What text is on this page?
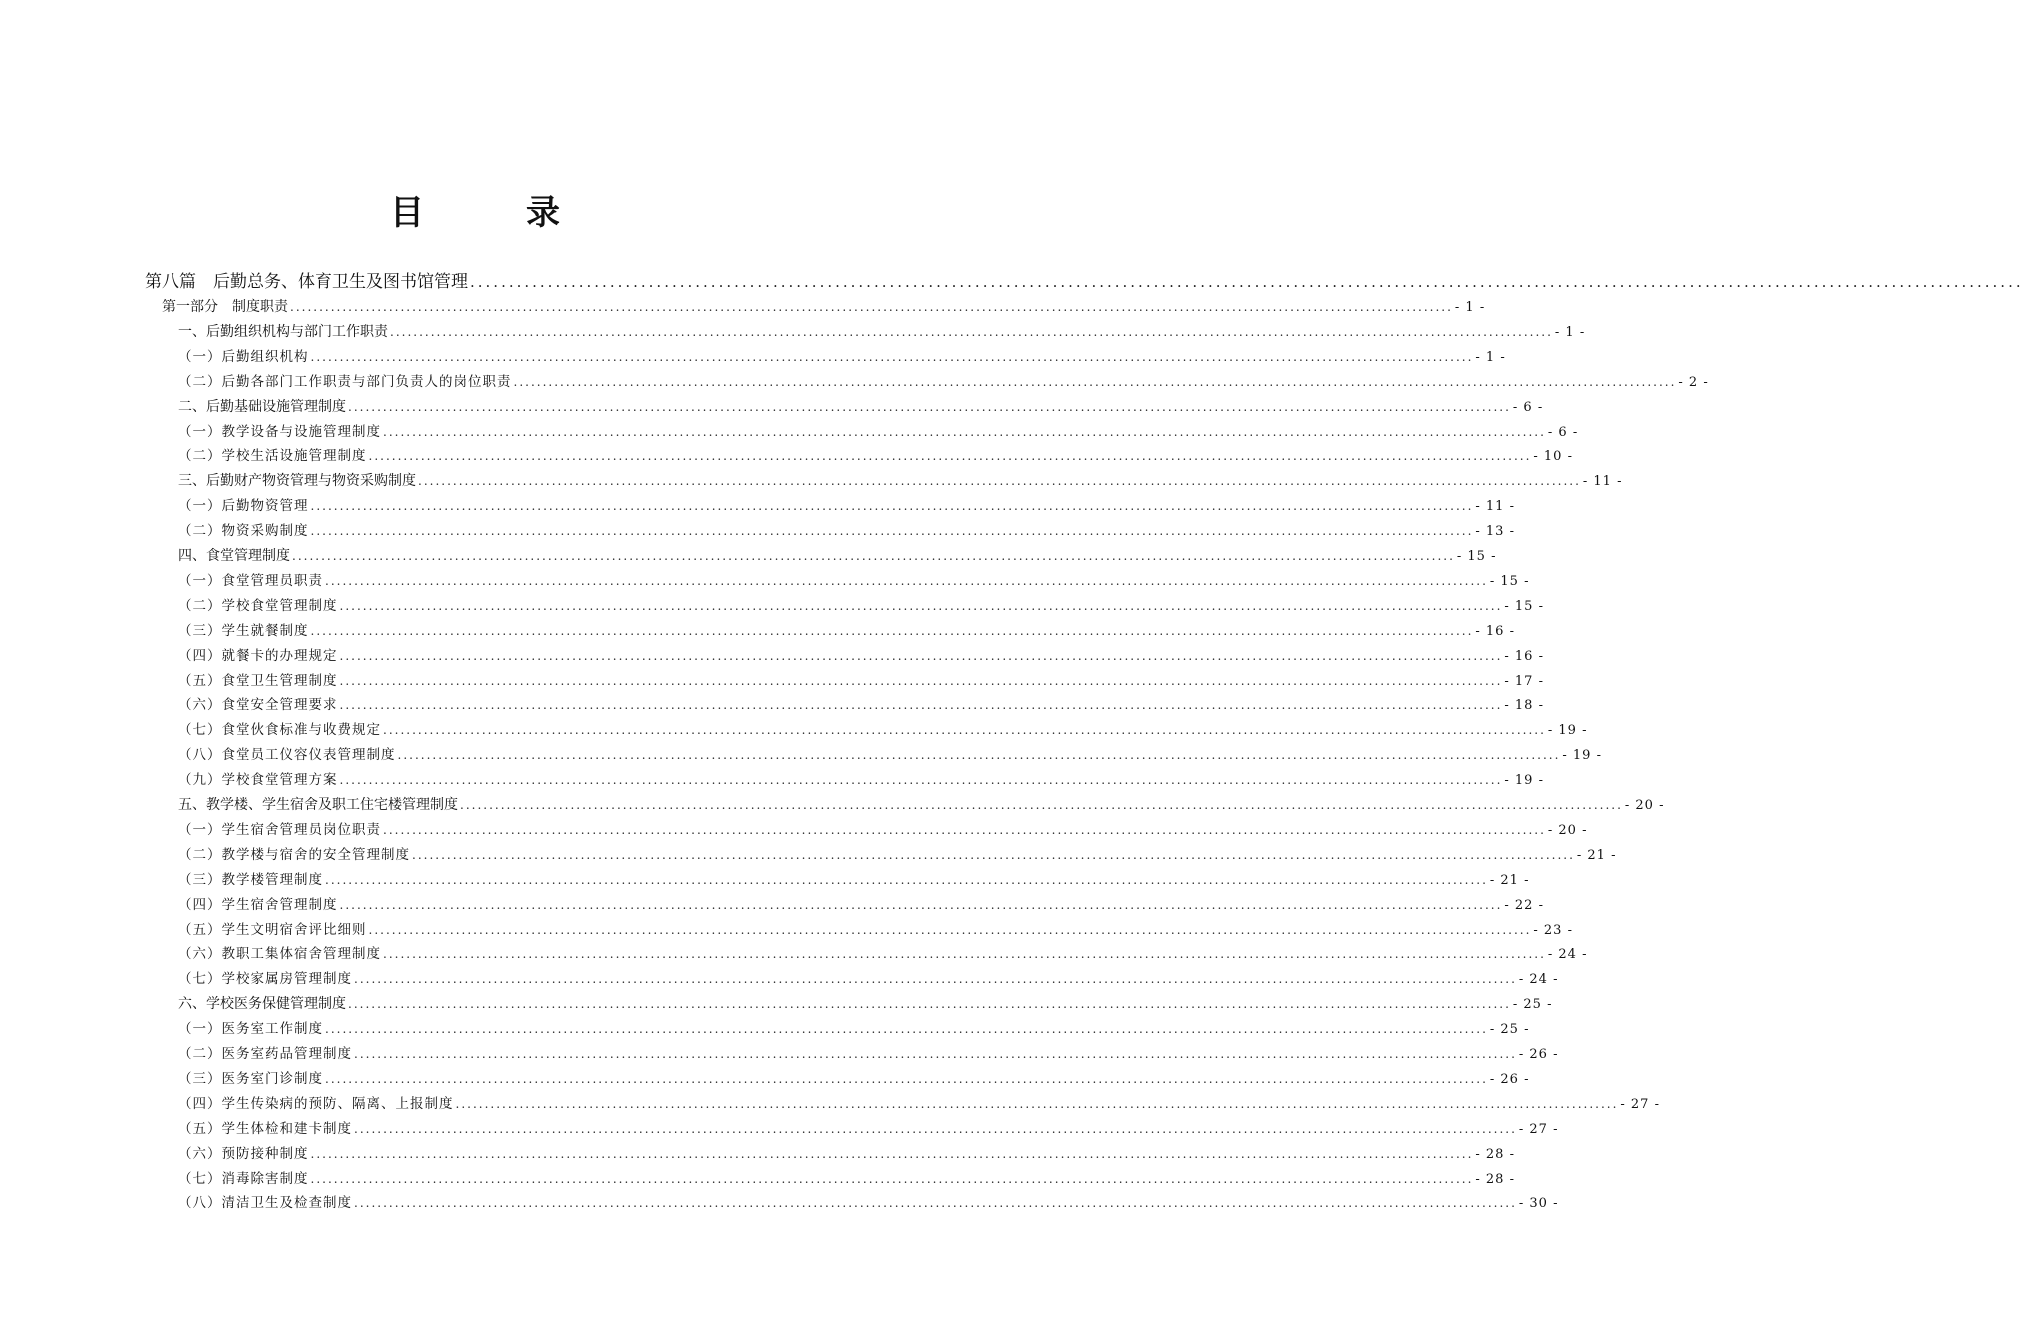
目　录
第八篇　后勤总务、体育卫生及图书馆管理 ........................................................................................................................................................................................................
第一部分　制度职责 ........................................................................................................................................................................................................ - 1 -
一、后勤组织机构与部门工作职责 ........................................................................................................................................................................................................ - 1 -
（一）后勤组织机构 ........................................................................................................................................................................................................ - 1 -
（二）后勤各部门工作职责与部门负责人的岗位职责 ........................................................................................................................................................................................................ - 2 -
二、后勤基础设施管理制度 ........................................................................................................................................................................................................ - 6 -
（一）教学设备与设施管理制度 ........................................................................................................................................................................................................ - 6 -
（二）学校生活设施管理制度 ........................................................................................................................................................................................................ - 10 -
三、后勤财产物资管理与物资采购制度 ........................................................................................................................................................................................................ - 11 -
（一）后勤物资管理 ........................................................................................................................................................................................................ - 11 -
（二）物资采购制度 ........................................................................................................................................................................................................ - 13 -
四、食堂管理制度 ........................................................................................................................................................................................................ - 15 -
（一）食堂管理员职责 ........................................................................................................................................................................................................ - 15 -
（二）学校食堂管理制度 ........................................................................................................................................................................................................ - 15 -
（三）学生就餐制度 ........................................................................................................................................................................................................ - 16 -
（四）就餐卡的办理规定 ........................................................................................................................................................................................................ - 16 -
（五）食堂卫生管理制度 ........................................................................................................................................................................................................ - 17 -
（六）食堂安全管理要求 ........................................................................................................................................................................................................ - 18 -
（七）食堂伙食标准与收费规定 ........................................................................................................................................................................................................ - 19 -
（八）食堂员工仪容仪表管理制度 ........................................................................................................................................................................................................ - 19 -
（九）学校食堂管理方案 ........................................................................................................................................................................................................ - 19 -
五、教学楼、学生宿舍及职工住宅楼管理制度 ........................................................................................................................................................................................................ - 20 -
（一）学生宿舍管理员岗位职责 ........................................................................................................................................................................................................ - 20 -
（二）教学楼与宿舍的安全管理制度 ........................................................................................................................................................................................................ - 21 -
（三）教学楼管理制度 ........................................................................................................................................................................................................ - 21 -
（四）学生宿舍管理制度 ........................................................................................................................................................................................................ - 22 -
（五）学生文明宿舍评比细则 ........................................................................................................................................................................................................ - 23 -
（六）教职工集体宿舍管理制度 ........................................................................................................................................................................................................ - 24 -
（七）学校家属房管理制度 ........................................................................................................................................................................................................ - 24 -
六、学校医务保健管理制度 ........................................................................................................................................................................................................ - 25 -
（一）医务室工作制度 ........................................................................................................................................................................................................ - 25 -
（二）医务室药品管理制度 ........................................................................................................................................................................................................ - 26 -
（三）医务室门诊制度 ........................................................................................................................................................................................................ - 26 -
（四）学生传染病的预防、隔离、上报制度 ........................................................................................................................................................................................................ - 27 -
（五）学生体检和建卡制度 ........................................................................................................................................................................................................ - 27 -
（六）预防接种制度 ........................................................................................................................................................................................................ - 28 -
（七）消毒除害制度 ........................................................................................................................................................................................................ - 28 -
（八）清洁卫生及检查制度 ........................................................................................................................................................................................................ - 30 -
